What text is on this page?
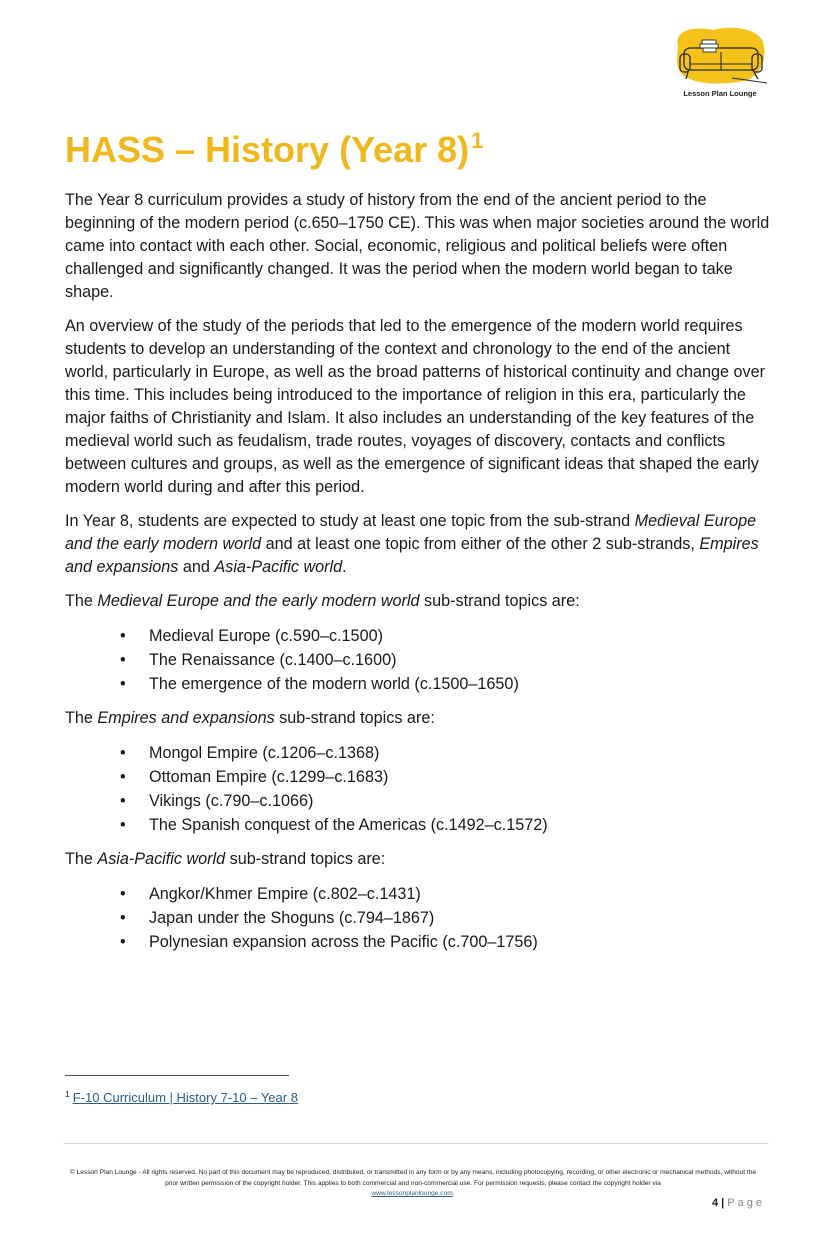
Lesson Plan Lounge
HASS – History (Year 8)$^1$

The Year 8 curriculum provides a study of history from the end of the ancient period to the beginning of the modern period (c.650–1750 CE). This was when major societies around the world came into contact with each other. Social, economic, religious and political beliefs were often challenged and significantly changed. It was the period when the modern world began to take shape.

An overview of the study of the periods that led to the emergence of the modern world requires students to develop an understanding of the context and chronology to the end of the ancient world, particularly in Europe, as well as the broad patterns of historical continuity and change over this time. This includes being introduced to the importance of religion in this era, particularly the major faiths of Christianity and Islam. It also includes an understanding of the key features of the medieval world such as feudalism, trade routes, voyages of discovery, contacts and conflicts between cultures and groups, as well as the emergence of significant ideas that shaped the early modern world during and after this period.

In Year 8, students are expected to study at least one topic from the sub-strand Medieval Europe and the early modern world and at least one topic from either of the other 2 sub-strands, Empires and expansions and Asia-Pacific world.

The Medieval Europe and the early modern world sub-strand topics are:

• Medieval Europe (c.590–c.1500)
• The Renaissance (c.1400–c.1600)
• The emergence of the modern world (c.1500–1650)

The Empires and expansions sub-strand topics are:

• Mongol Empire (c.1206–c.1368)
• Ottoman Empire (c.1299–c.1683)
• Vikings (c.790–c.1066)
• The Spanish conquest of the Americas (c.1492–c.1572)

The Asia-Pacific world sub-strand topics are:

• Angkor/Khmer Empire (c.802–c.1431)
• Japan under the Shoguns (c.794–1867)
• Polynesian expansion across the Pacific (c.700–1756)
$^1$ F-10 Curriculum | History 7-10 – Year 8
© Lesson Plan Lounge - All rights reserved. No part of this document may be reproduced, distributed, or transmitted in any form or by any means, including photocopying, recording, or other electronic or mechanical methods, without the prior written permission of the copyright holder. This applies to both commercial and non-commercial use. For permission requests, please contact the copyright holder via
www.lessonplanlounge.com.
4 | Page
